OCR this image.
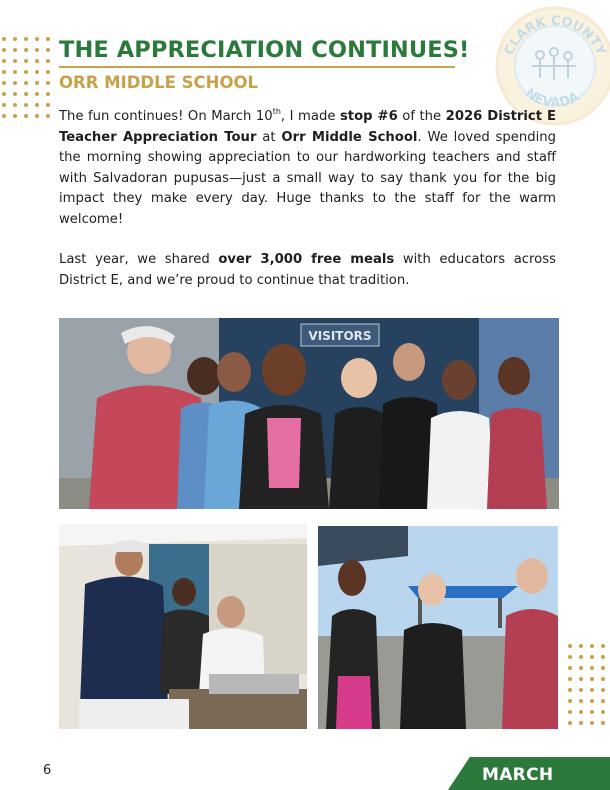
CLARK COUNTY
NEVADA
THE APPRECIATION CONTINUES!
ORR MIDDLE SCHOOL

The fun continues! On March 10th, I made stop #6 of the 2026 District E Teacher Appreciation Tour at Orr Middle School. We loved spending the morning showing appreciation to our hardworking teachers and staff with Salvadoran pupusas—just a small way to say thank you for the big impact they make every day. Huge thanks to the staff for the warm welcome!

Last year, we shared over 3,000 free meals with educators across District E, and we’re proud to continue that tradition.

VISITORS
6	MARCH
